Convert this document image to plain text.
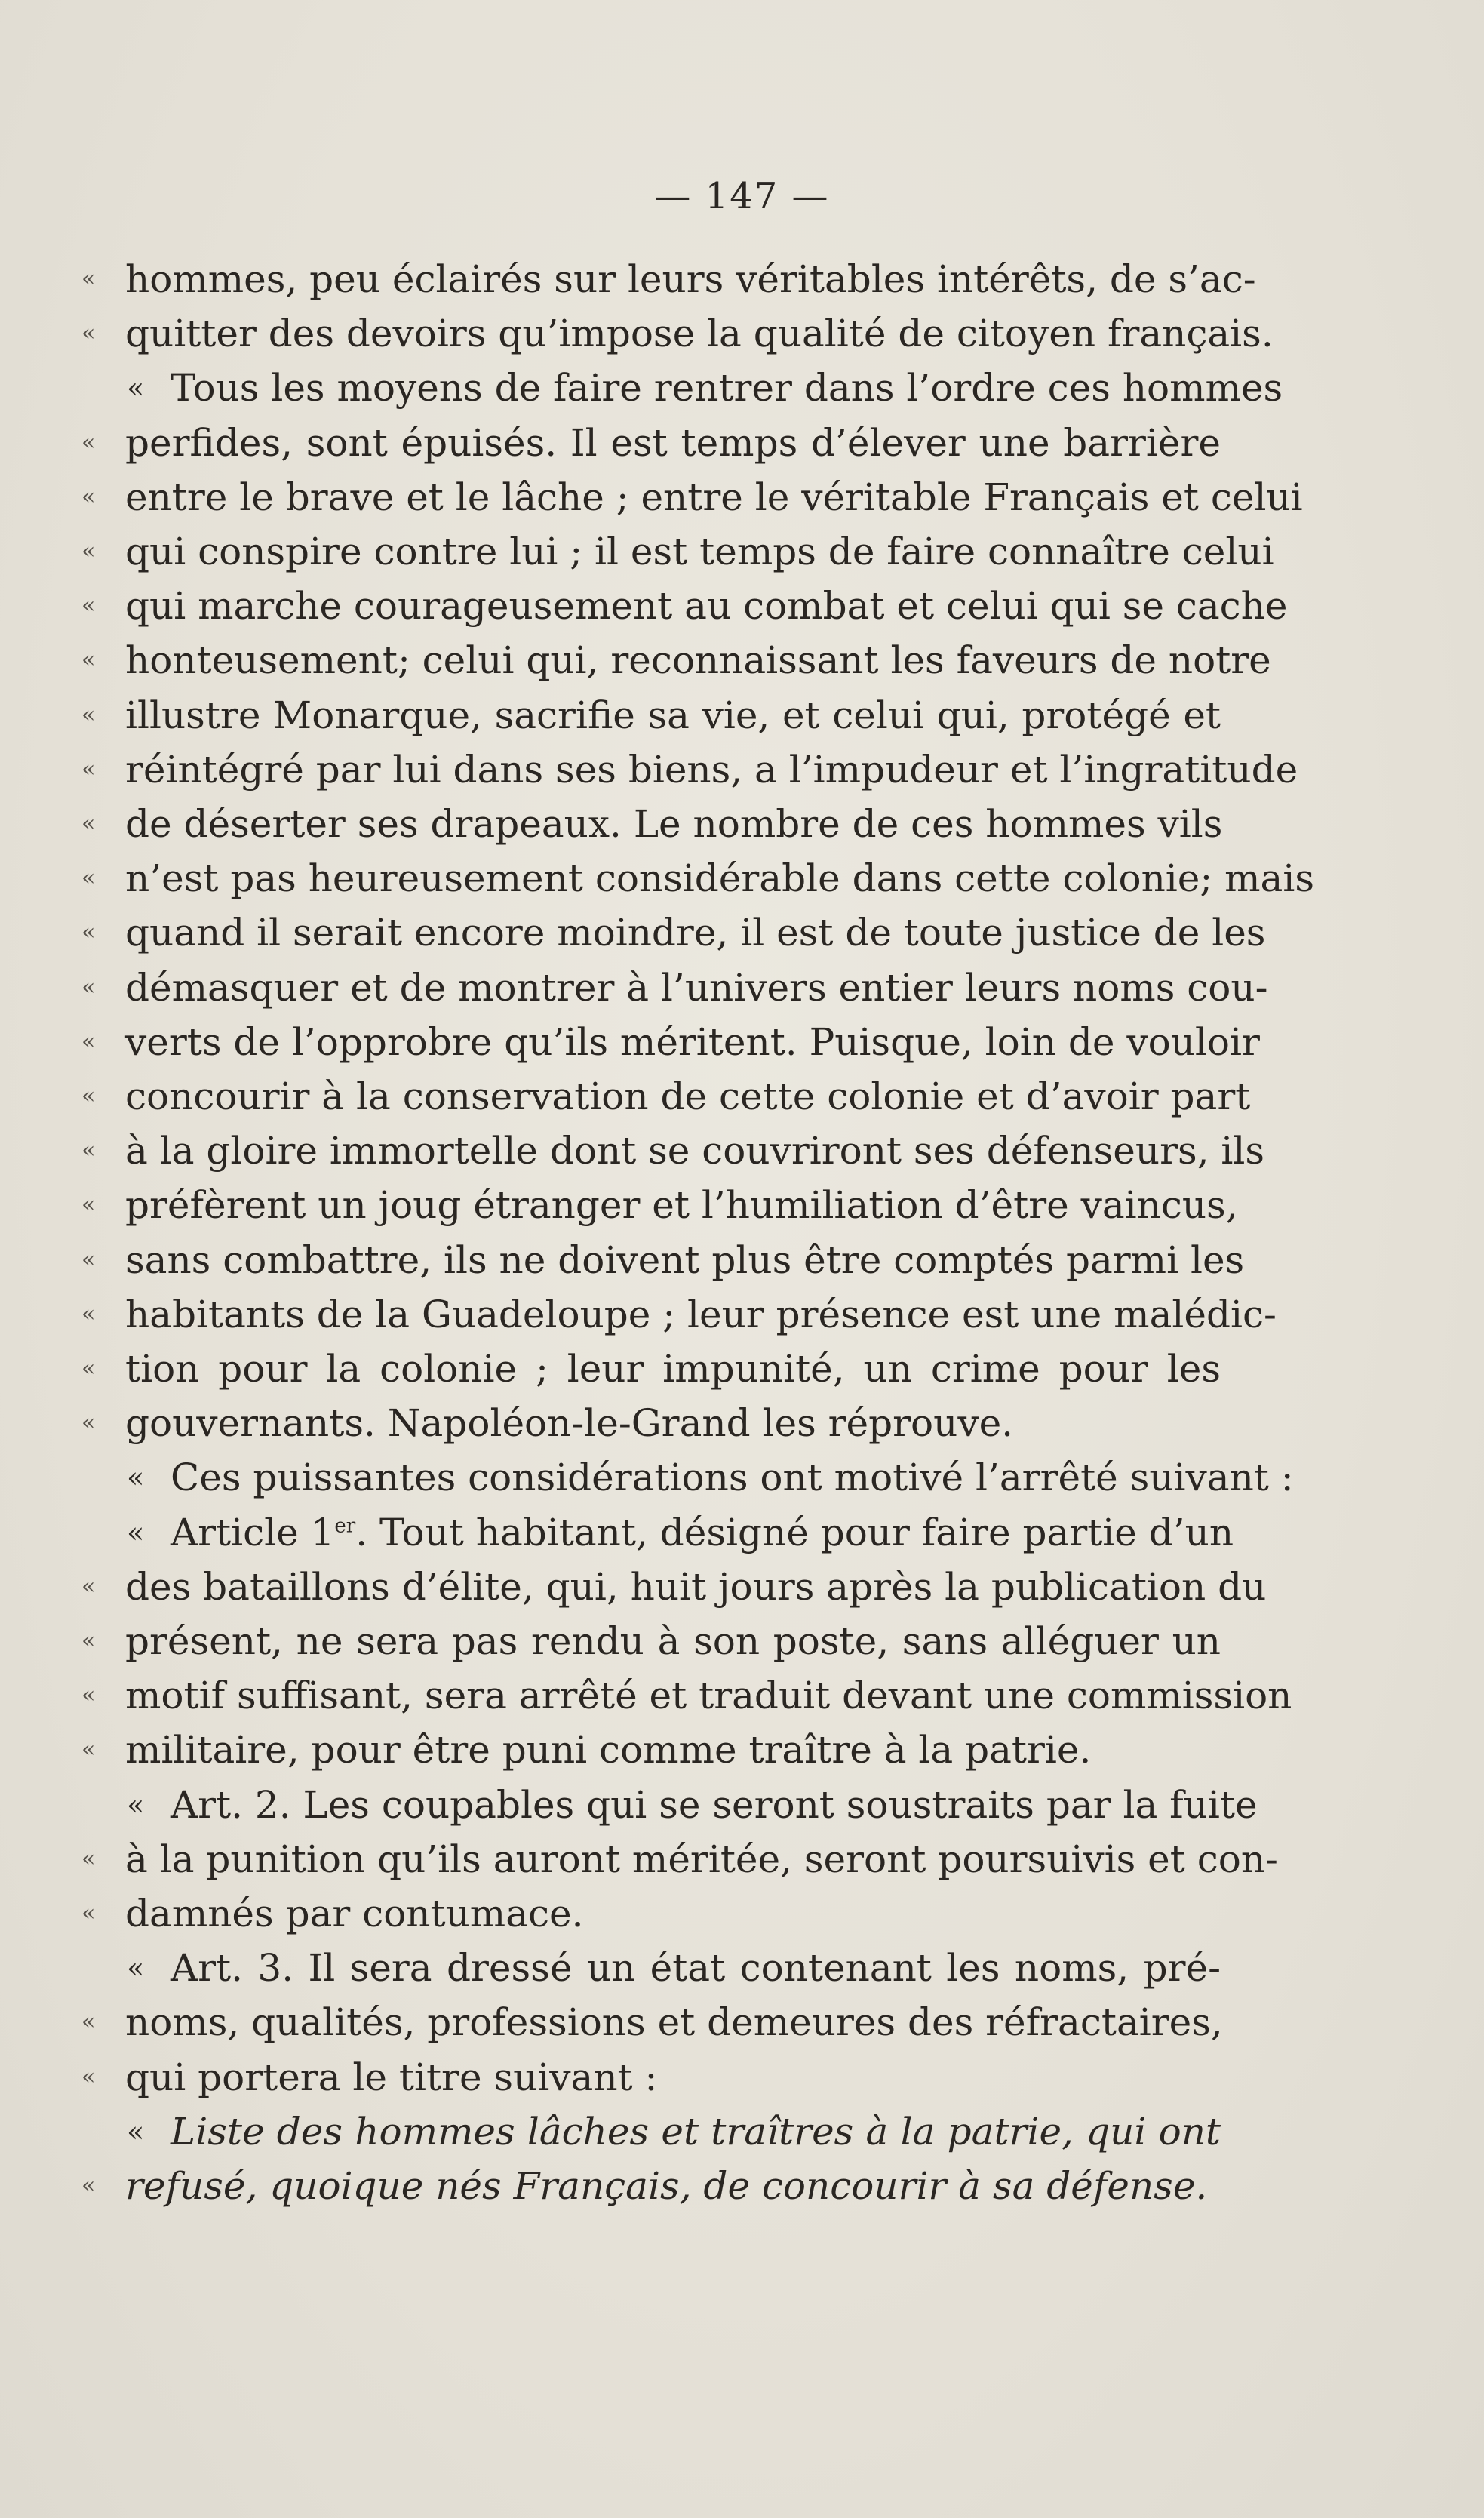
— 147 —
« hommes, peu éclairés sur leurs véritables intérêts, de s’ac-
« quitter des devoirs qu’impose la qualité de citoyen français.
« Tous les moyens de faire rentrer dans l’ordre ces hommes
« perfides, sont épuisés. Il est temps d’élever une barrière
« entre le brave et le lâche ; entre le véritable Français et celui
« qui conspire contre lui ; il est temps de faire connaître celui
« qui marche courageusement au combat et celui qui se cache
« honteusement; celui qui, reconnaissant les faveurs de notre
« illustre Monarque, sacrifie sa vie, et celui qui, protégé et
« réintégré par lui dans ses biens, a l’impudeur et l’ingratitude
« de déserter ses drapeaux. Le nombre de ces hommes vils
« n’est pas heureusement considérable dans cette colonie; mais
« quand il serait encore moindre, il est de toute justice de les
« démasquer et de montrer à l’univers entier leurs noms cou-
« verts de l’opprobre qu’ils méritent. Puisque, loin de vouloir
« concourir à la conservation de cette colonie et d’avoir part
« à la gloire immortelle dont se couvriront ses défenseurs, ils
« préfèrent un joug étranger et l’humiliation d’être vaincus,
« sans combattre, ils ne doivent plus être comptés parmi les
« habitants de la Guadeloupe ; leur présence est une malédic-
« tion pour la colonie ; leur impunité, un crime pour les
« gouvernants. Napoléon-le-Grand les réprouve.
« Ces puissantes considérations ont motivé l’arrêté suivant :
« Article 1er. Tout habitant, désigné pour faire partie d’un
« des bataillons d’élite, qui, huit jours après la publication du
« présent, ne sera pas rendu à son poste, sans alléguer un
« motif suffisant, sera arrêté et traduit devant une commission
« militaire, pour être puni comme traître à la patrie.
« Art. 2. Les coupables qui se seront soustraits par la fuite
« à la punition qu’ils auront méritée, seront poursuivis et con-
« damnés par contumace.
« Art. 3. Il sera dressé un état contenant les noms, pré-
« noms, qualités, professions et demeures des réfractaires,
« qui portera le titre suivant :
« Liste des hommes lâches et traîtres à la patrie, qui ont
« refusé, quoique nés Français, de concourir à sa défense.
